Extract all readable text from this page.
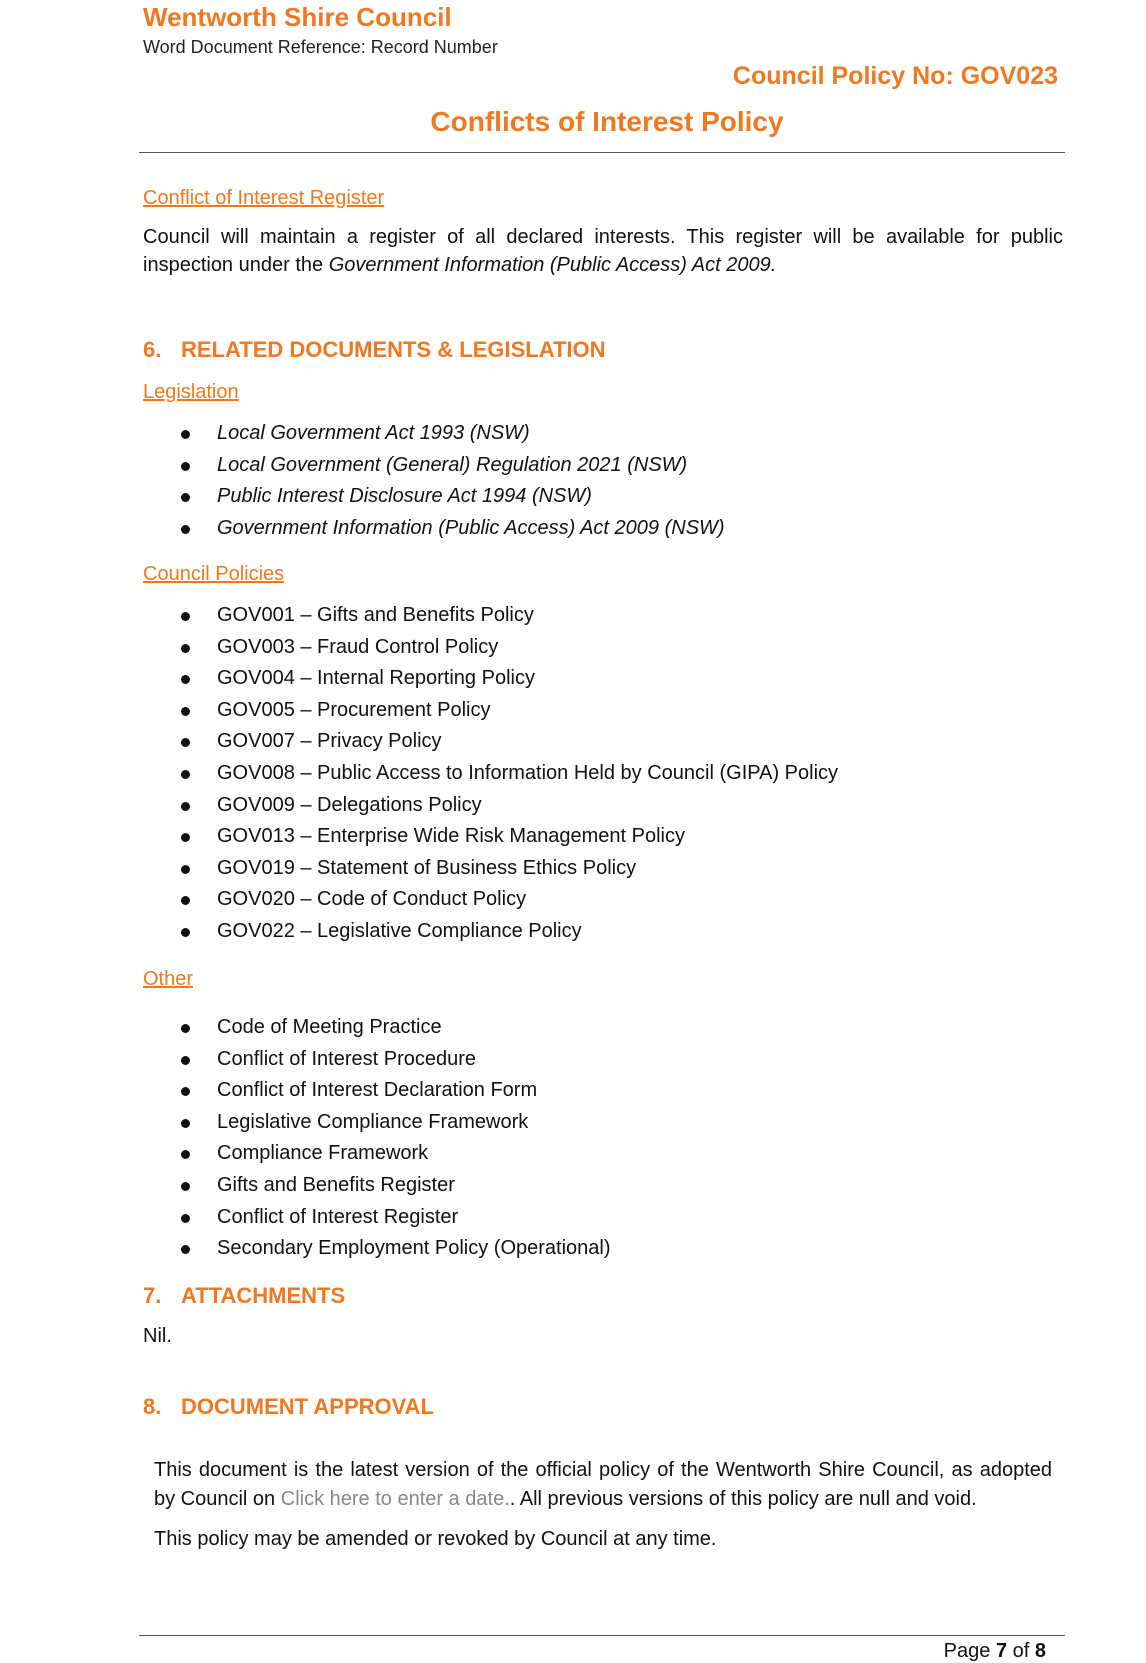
Wentworth Shire Council
Word Document Reference: Record Number
Council Policy No: GOV023
Conflicts of Interest Policy

Conflict of Interest Register

Council will maintain a register of all declared interests. This register will be available for public inspection under the Government Information (Public Access) Act 2009.

6. RELATED DOCUMENTS & LEGISLATION

Legislation

Local Government Act 1993 (NSW)
Local Government (General) Regulation 2021 (NSW)
Public Interest Disclosure Act 1994 (NSW)
Government Information (Public Access) Act 2009 (NSW)

Council Policies

GOV001 – Gifts and Benefits Policy
GOV003 – Fraud Control Policy
GOV004 – Internal Reporting Policy
GOV005 – Procurement Policy
GOV007 – Privacy Policy
GOV008 – Public Access to Information Held by Council (GIPA) Policy
GOV009 – Delegations Policy
GOV013 – Enterprise Wide Risk Management Policy
GOV019 – Statement of Business Ethics Policy
GOV020 – Code of Conduct Policy
GOV022 – Legislative Compliance Policy

Other

Code of Meeting Practice
Conflict of Interest Procedure
Conflict of Interest Declaration Form
Legislative Compliance Framework
Compliance Framework
Gifts and Benefits Register
Conflict of Interest Register
Secondary Employment Policy (Operational)

7. ATTACHMENTS

Nil.

8. DOCUMENT APPROVAL

This document is the latest version of the official policy of the Wentworth Shire Council, as adopted by Council on Click here to enter a date.. All previous versions of this policy are null and void.

This policy may be amended or revoked by Council at any time.

Page 7 of 8
